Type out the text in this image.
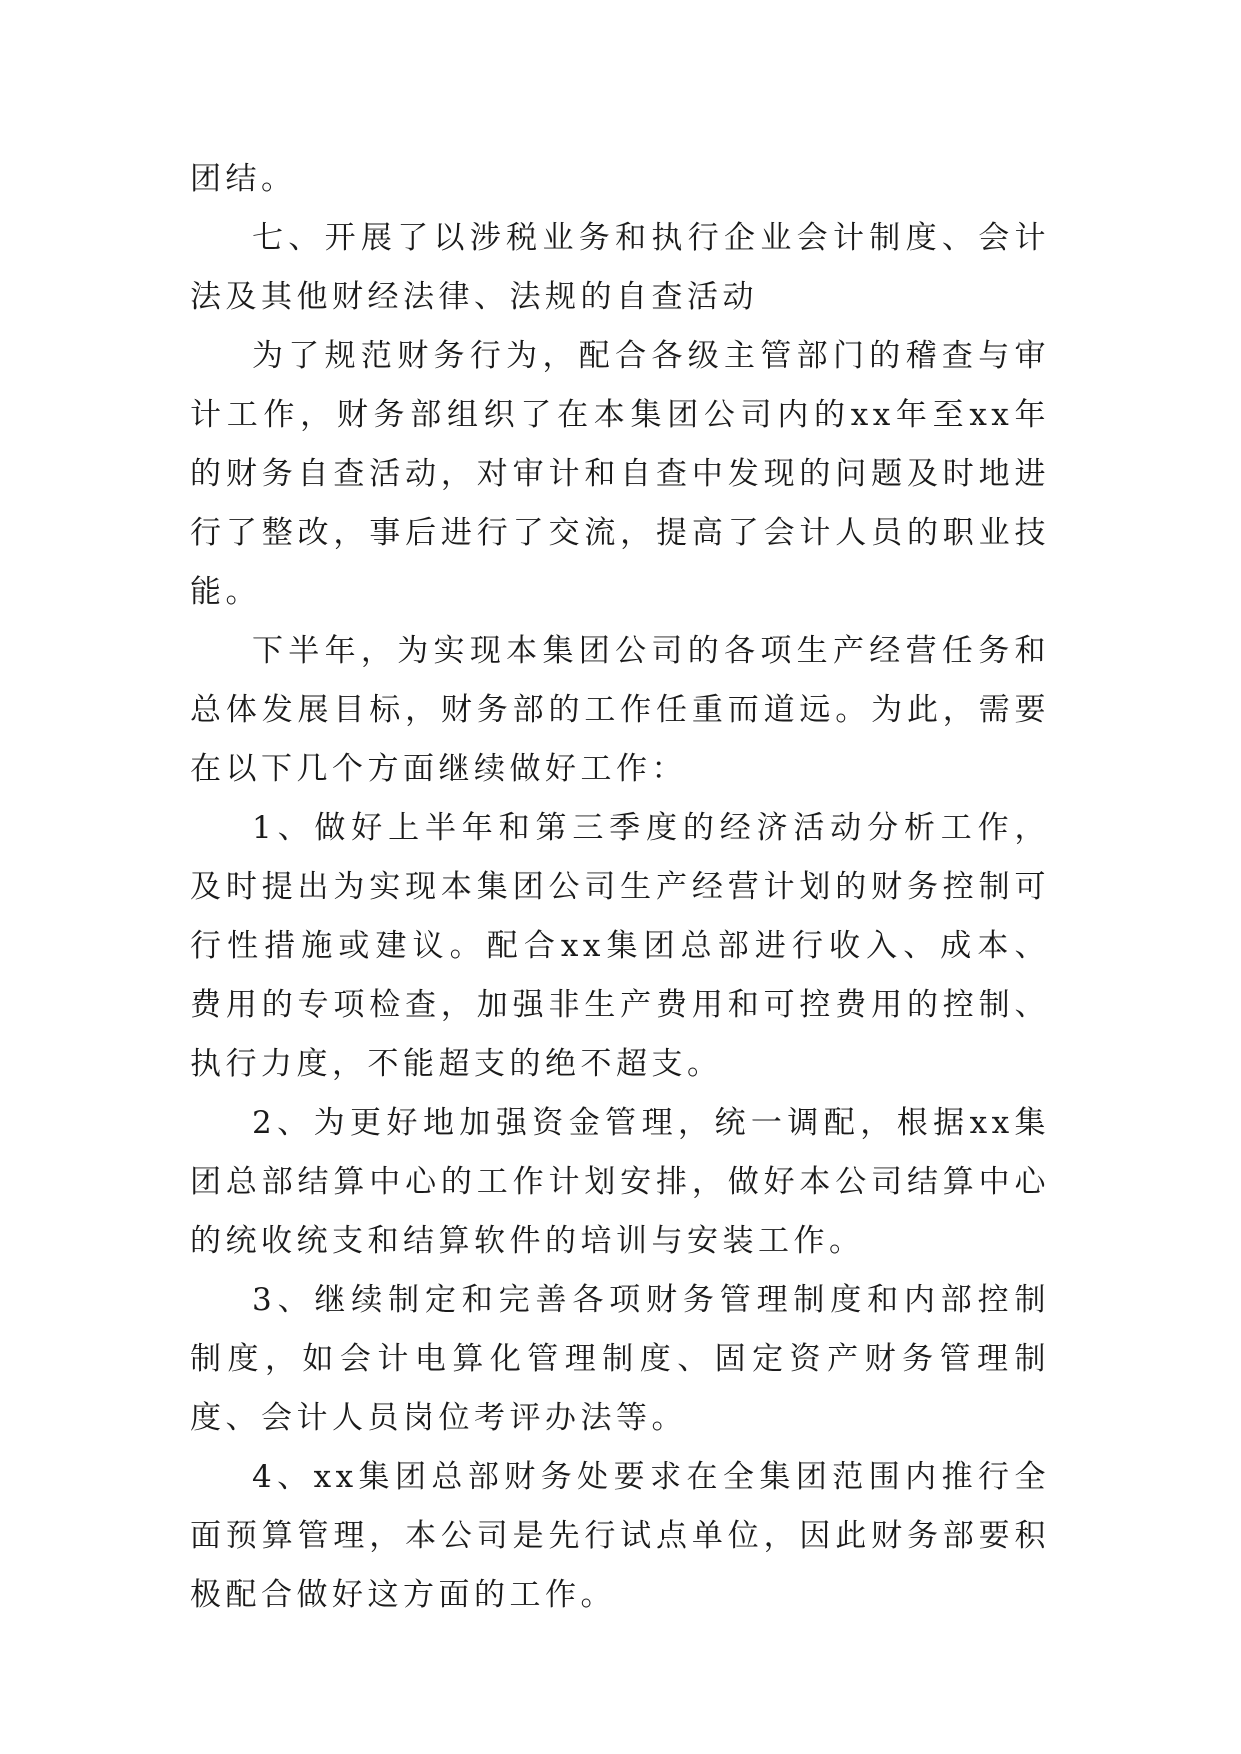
团结。

七、开展了以涉税业务和执行企业会计制度、会计法及其他财经法律、法规的自查活动

为了规范财务行为，配合各级主管部门的稽查与审计工作，财务部组织了在本集团公司内的xx年至xx年的财务自查活动，对审计和自查中发现的问题及时地进行了整改，事后进行了交流，提高了会计人员的职业技能。

下半年，为实现本集团公司的各项生产经营任务和总体发展目标，财务部的工作任重而道远。为此，需要在以下几个方面继续做好工作：

1、做好上半年和第三季度的经济活动分析工作，及时提出为实现本集团公司生产经营计划的财务控制可行性措施或建议。配合xx集团总部进行收入、成本、费用的专项检查，加强非生产费用和可控费用的控制、执行力度，不能超支的绝不超支。

2、为更好地加强资金管理，统一调配，根据xx集团总部结算中心的工作计划安排，做好本公司结算中心的统收统支和结算软件的培训与安装工作。

3、继续制定和完善各项财务管理制度和内部控制制度，如会计电算化管理制度、固定资产财务管理制度、会计人员岗位考评办法等。

4、xx集团总部财务处要求在全集团范围内推行全面预算管理，本公司是先行试点单位，因此财务部要积极配合做好这方面的工作。
